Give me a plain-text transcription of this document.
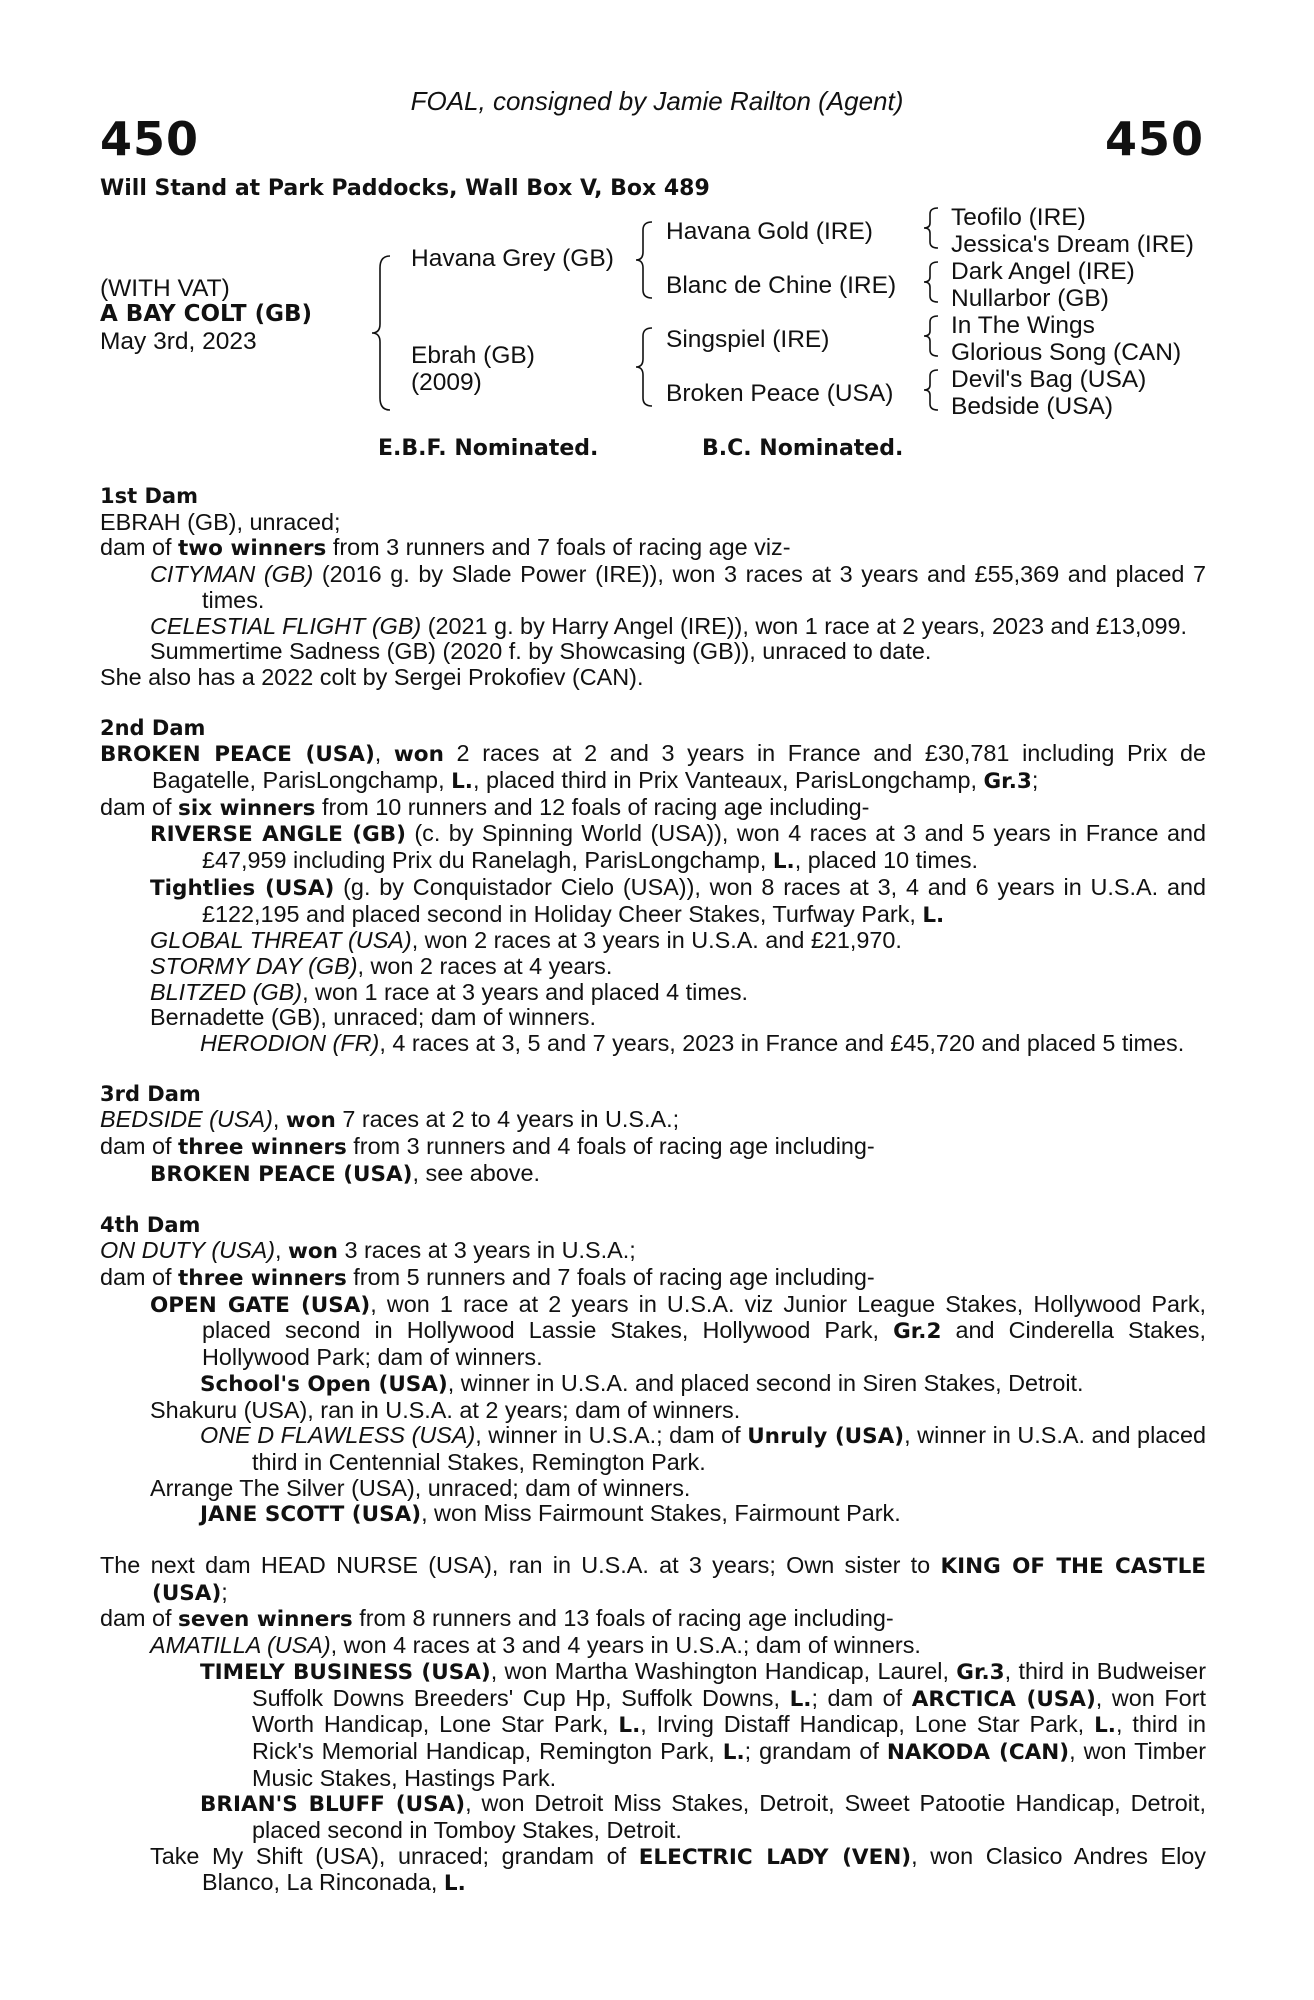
FOAL, consigned by Jamie Railton (Agent)
450	450
Will Stand at Park Paddocks, Wall Box V, Box 489
(WITH VAT)
A BAY COLT (GB)
May 3rd, 2023
Havana Grey (GB)
Ebrah (GB)
(2009)
Havana Gold (IRE)
Blanc de Chine (IRE)
Singspiel (IRE)
Broken Peace (USA)
Teofilo (IRE)
Jessica's Dream (IRE)
Dark Angel (IRE)
Nullarbor (GB)
In The Wings
Glorious Song (CAN)
Devil's Bag (USA)
Bedside (USA)
E.B.F. Nominated.	B.C. Nominated.

1st Dam

EBRAH (GB), unraced;

dam of two winners from 3 runners and 7 foals of racing age viz-

CITYMAN (GB) (2016 g. by Slade Power (IRE)), won 3 races at 3 years and £55,369 and placed 7 times.

CELESTIAL FLIGHT (GB) (2021 g. by Harry Angel (IRE)), won 1 race at 2 years, 2023 and £13,099.

Summertime Sadness (GB) (2020 f. by Showcasing (GB)), unraced to date.

She also has a 2022 colt by Sergei Prokofiev (CAN).

2nd Dam

BROKEN PEACE (USA), won 2 races at 2 and 3 years in France and £30,781 including Prix de Bagatelle, ParisLongchamp, L., placed third in Prix Vanteaux, ParisLongchamp, Gr.3;

dam of six winners from 10 runners and 12 foals of racing age including-

RIVERSE ANGLE (GB) (c. by Spinning World (USA)), won 4 races at 3 and 5 years in France and £47,959 including Prix du Ranelagh, ParisLongchamp, L., placed 10 times.

Tightlies (USA) (g. by Conquistador Cielo (USA)), won 8 races at 3, 4 and 6 years in U.S.A. and £122,195 and placed second in Holiday Cheer Stakes, Turfway Park, L.

GLOBAL THREAT (USA), won 2 races at 3 years in U.S.A. and £21,970.

STORMY DAY (GB), won 2 races at 4 years.

BLITZED (GB), won 1 race at 3 years and placed 4 times.

Bernadette (GB), unraced; dam of winners.

HERODION (FR), 4 races at 3, 5 and 7 years, 2023 in France and £45,720 and placed 5 times.

3rd Dam

BEDSIDE (USA), won 7 races at 2 to 4 years in U.S.A.;

dam of three winners from 3 runners and 4 foals of racing age including-

BROKEN PEACE (USA), see above.

4th Dam

ON DUTY (USA), won 3 races at 3 years in U.S.A.;

dam of three winners from 5 runners and 7 foals of racing age including-

OPEN GATE (USA), won 1 race at 2 years in U.S.A. viz Junior League Stakes, Hollywood Park, placed second in Hollywood Lassie Stakes, Hollywood Park, Gr.2 and Cinderella Stakes, Hollywood Park; dam of winners.

School's Open (USA), winner in U.S.A. and placed second in Siren Stakes, Detroit.

Shakuru (USA), ran in U.S.A. at 2 years; dam of winners.

ONE D FLAWLESS (USA), winner in U.S.A.; dam of Unruly (USA), winner in U.S.A. and placed third in Centennial Stakes, Remington Park.

Arrange The Silver (USA), unraced; dam of winners.

JANE SCOTT (USA), won Miss Fairmount Stakes, Fairmount Park.

The next dam HEAD NURSE (USA), ran in U.S.A. at 3 years; Own sister to KING OF THE CASTLE (USA);

dam of seven winners from 8 runners and 13 foals of racing age including-

AMATILLA (USA), won 4 races at 3 and 4 years in U.S.A.; dam of winners.

TIMELY BUSINESS (USA), won Martha Washington Handicap, Laurel, Gr.3, third in Budweiser Suffolk Downs Breeders' Cup Hp, Suffolk Downs, L.; dam of ARCTICA (USA), won Fort Worth Handicap, Lone Star Park, L., Irving Distaff Handicap, Lone Star Park, L., third in Rick's Memorial Handicap, Remington Park, L.; grandam of NAKODA (CAN), won Timber Music Stakes, Hastings Park.

BRIAN'S BLUFF (USA), won Detroit Miss Stakes, Detroit, Sweet Patootie Handicap, Detroit, placed second in Tomboy Stakes, Detroit.

Take My Shift (USA), unraced; grandam of ELECTRIC LADY (VEN), won Clasico Andres Eloy Blanco, La Rinconada, L.
